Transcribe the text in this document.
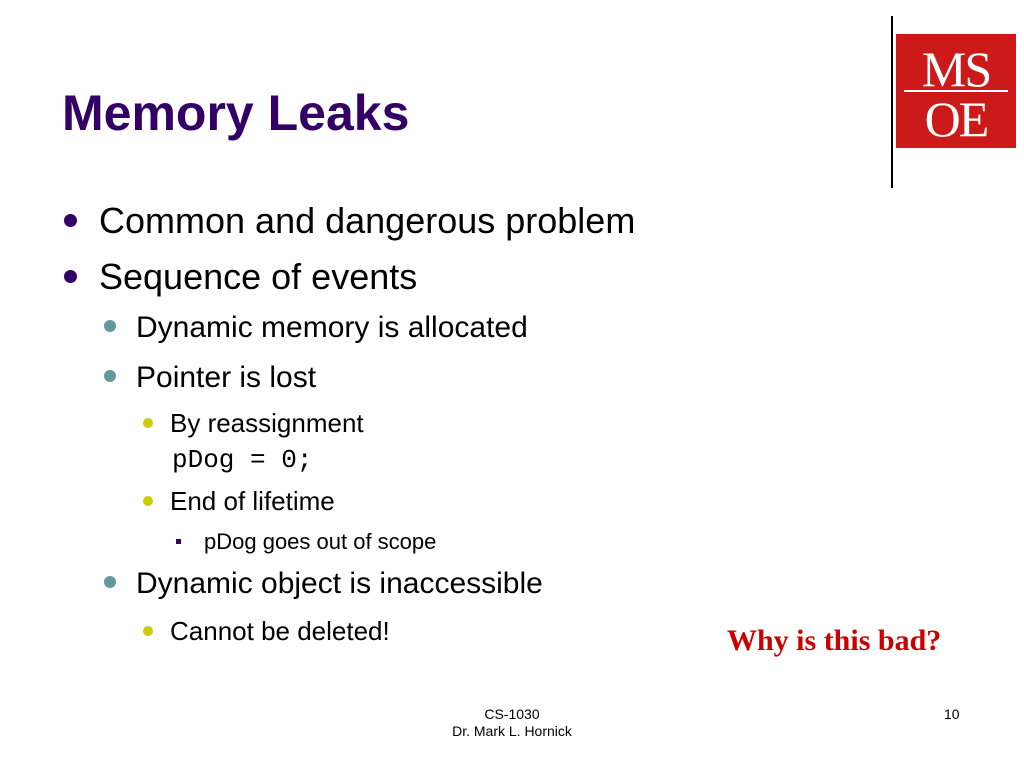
Memory Leaks
MS
OE
Common and dangerous problem
Sequence of events
Dynamic memory is allocated
Pointer is lost
By reassignment
pDog = 0;
End of lifetime
pDog goes out of scope
Dynamic object is inaccessible
Cannot be deleted!	Why is this bad?
CS-1030
Dr. Mark L. Hornick
10
